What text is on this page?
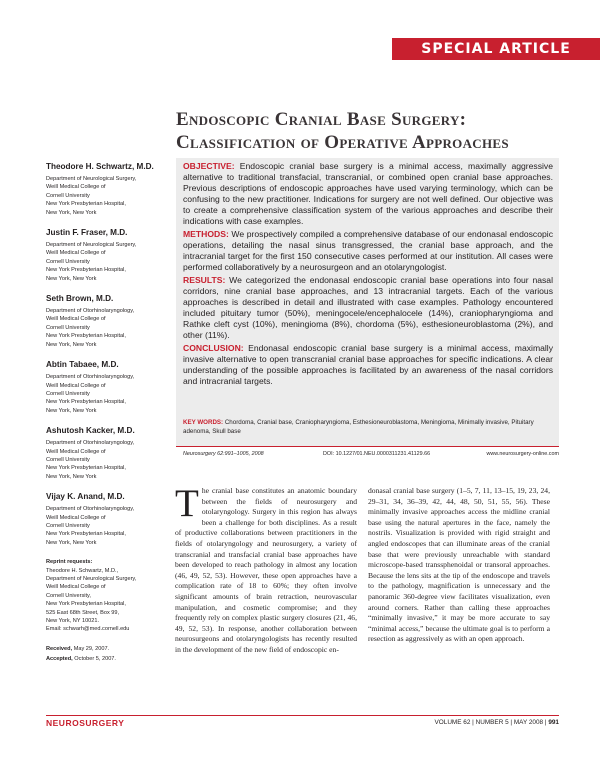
SPECIAL ARTICLE
Endoscopic Cranial Base Surgery:
Classification of Operative Approaches
Theodore H. Schwartz, M.D.
Department of Neurological Surgery,
Weill Medical College of
Cornell University
New York Presbyterian Hospital,
New York, New York
Justin F. Fraser, M.D.
Department of Neurological Surgery,
Weill Medical College of
Cornell University
New York Presbyterian Hospital,
New York, New York
Seth Brown, M.D.
Department of Otorhinolaryngology,
Weill Medical College of
Cornell University
New York Presbyterian Hospital,
New York, New York
Abtin Tabaee, M.D.
Department of Otorhinolaryngology,
Weill Medical College of
Cornell University
New York Presbyterian Hospital,
New York, New York
Ashutosh Kacker, M.D.
Department of Otorhinolaryngology,
Weill Medical College of
Cornell University
New York Presbyterian Hospital,
New York, New York
Vijay K. Anand, M.D.
Department of Otorhinolaryngology,
Weill Medical College of
Cornell University
New York Presbyterian Hospital,
New York, New York
Reprint requests:
Theodore H. Schwartz, M.D.,
Department of Neurological Surgery,
Weill Medical College of
Cornell University,
New York Presbyterian Hospital,
525 East 68th Street, Box 99,
New York, NY 10021.
Email: schwarh@med.cornell.edu
Received, May 29, 2007.
Accepted, October 5, 2007.

OBJECTIVE: Endoscopic cranial base surgery is a minimal access, maximally aggressive alternative to traditional transfacial, transcranial, or combined open cranial base approaches. Previous descriptions of endoscopic approaches have used varying terminology, which can be confusing to the new practitioner. Indications for surgery are not well defined. Our objective was to create a comprehensive classification system of the various approaches and describe their indications with case examples.

METHODS: We prospectively compiled a comprehensive database of our endonasal endoscopic operations, detailing the nasal sinus transgressed, the cranial base approach, and the intracranial target for the first 150 consecutive cases performed at our institution. All cases were performed collaboratively by a neurosurgeon and an otolaryngologist.

RESULTS: We categorized the endonasal endoscopic cranial base operations into four nasal corridors, nine cranial base approaches, and 13 intracranial targets. Each of the various approaches is described in detail and illustrated with case examples. Pathology encountered included pituitary tumor (50%), meningocele/encephalocele (14%), craniopharyngioma and Rathke cleft cyst (10%), meningioma (8%), chordoma (5%), esthesioneuroblastoma (2%), and other (11%).

CONCLUSION: Endonasal endoscopic cranial base surgery is a minimal access, maximally invasive alternative to open transcranial cranial base approaches for specific indications. A clear understanding of the possible approaches is facilitated by an awareness of the nasal corridors and intracranial targets.

KEY WORDS: Chordoma, Cranial base, Craniopharyngioma, Esthesioneuroblastoma, Meningioma, Minimally invasive, Pituitary adenoma, Skull base
Neurosurgery 62:991–1005, 2008	DOI: 10.1227/01.NEU.0000311231.41129.66	www.neurosurgery-online.com
The cranial base constitutes an anatomic boundary between the fields of neurosurgery and otolaryngology. Surgery in this region has always been a challenge for both disciplines. As a result of productive collaborations between practitioners in the fields of otolaryngology and neurosurgery, a variety of transcranial and transfacial cranial base approaches have been developed to reach pathology in almost any location (46, 49, 52, 53). However, these open approaches have a complication rate of 18 to 60%; they often involve significant amounts of brain retraction, neurovascular manipulation, and cosmetic compromise; and they frequently rely on complex plastic surgery closures (21, 46, 49, 52, 53). In response, another collaboration between neurosurgeons and otolaryngologists has recently resulted in the development of the new field of endoscopic en-
donasal cranial base surgery (1–5, 7, 11, 13–15, 19, 23, 24, 29–31, 34, 36–39, 42, 44, 48, 50, 51, 55, 56). These minimally invasive approaches access the midline cranial base using the natural apertures in the face, namely the nostrils. Visualization is provided with rigid straight and angled endoscopes that can illuminate areas of the cranial base that were previously unreachable with standard microscope-based transsphenoidal or transoral approaches. Because the lens sits at the tip of the endoscope and travels to the pathology, magnification is unnecessary and the panoramic 360-degree view facilitates visualization, even around corners. Rather than calling these approaches “minimally invasive,” it may be more accurate to say “minimal access,” because the ultimate goal is to perform a resection as aggressively as with an open approach.
NEUROSURGERY	VOLUME 62 | NUMBER 5 | MAY 2008 | 991
